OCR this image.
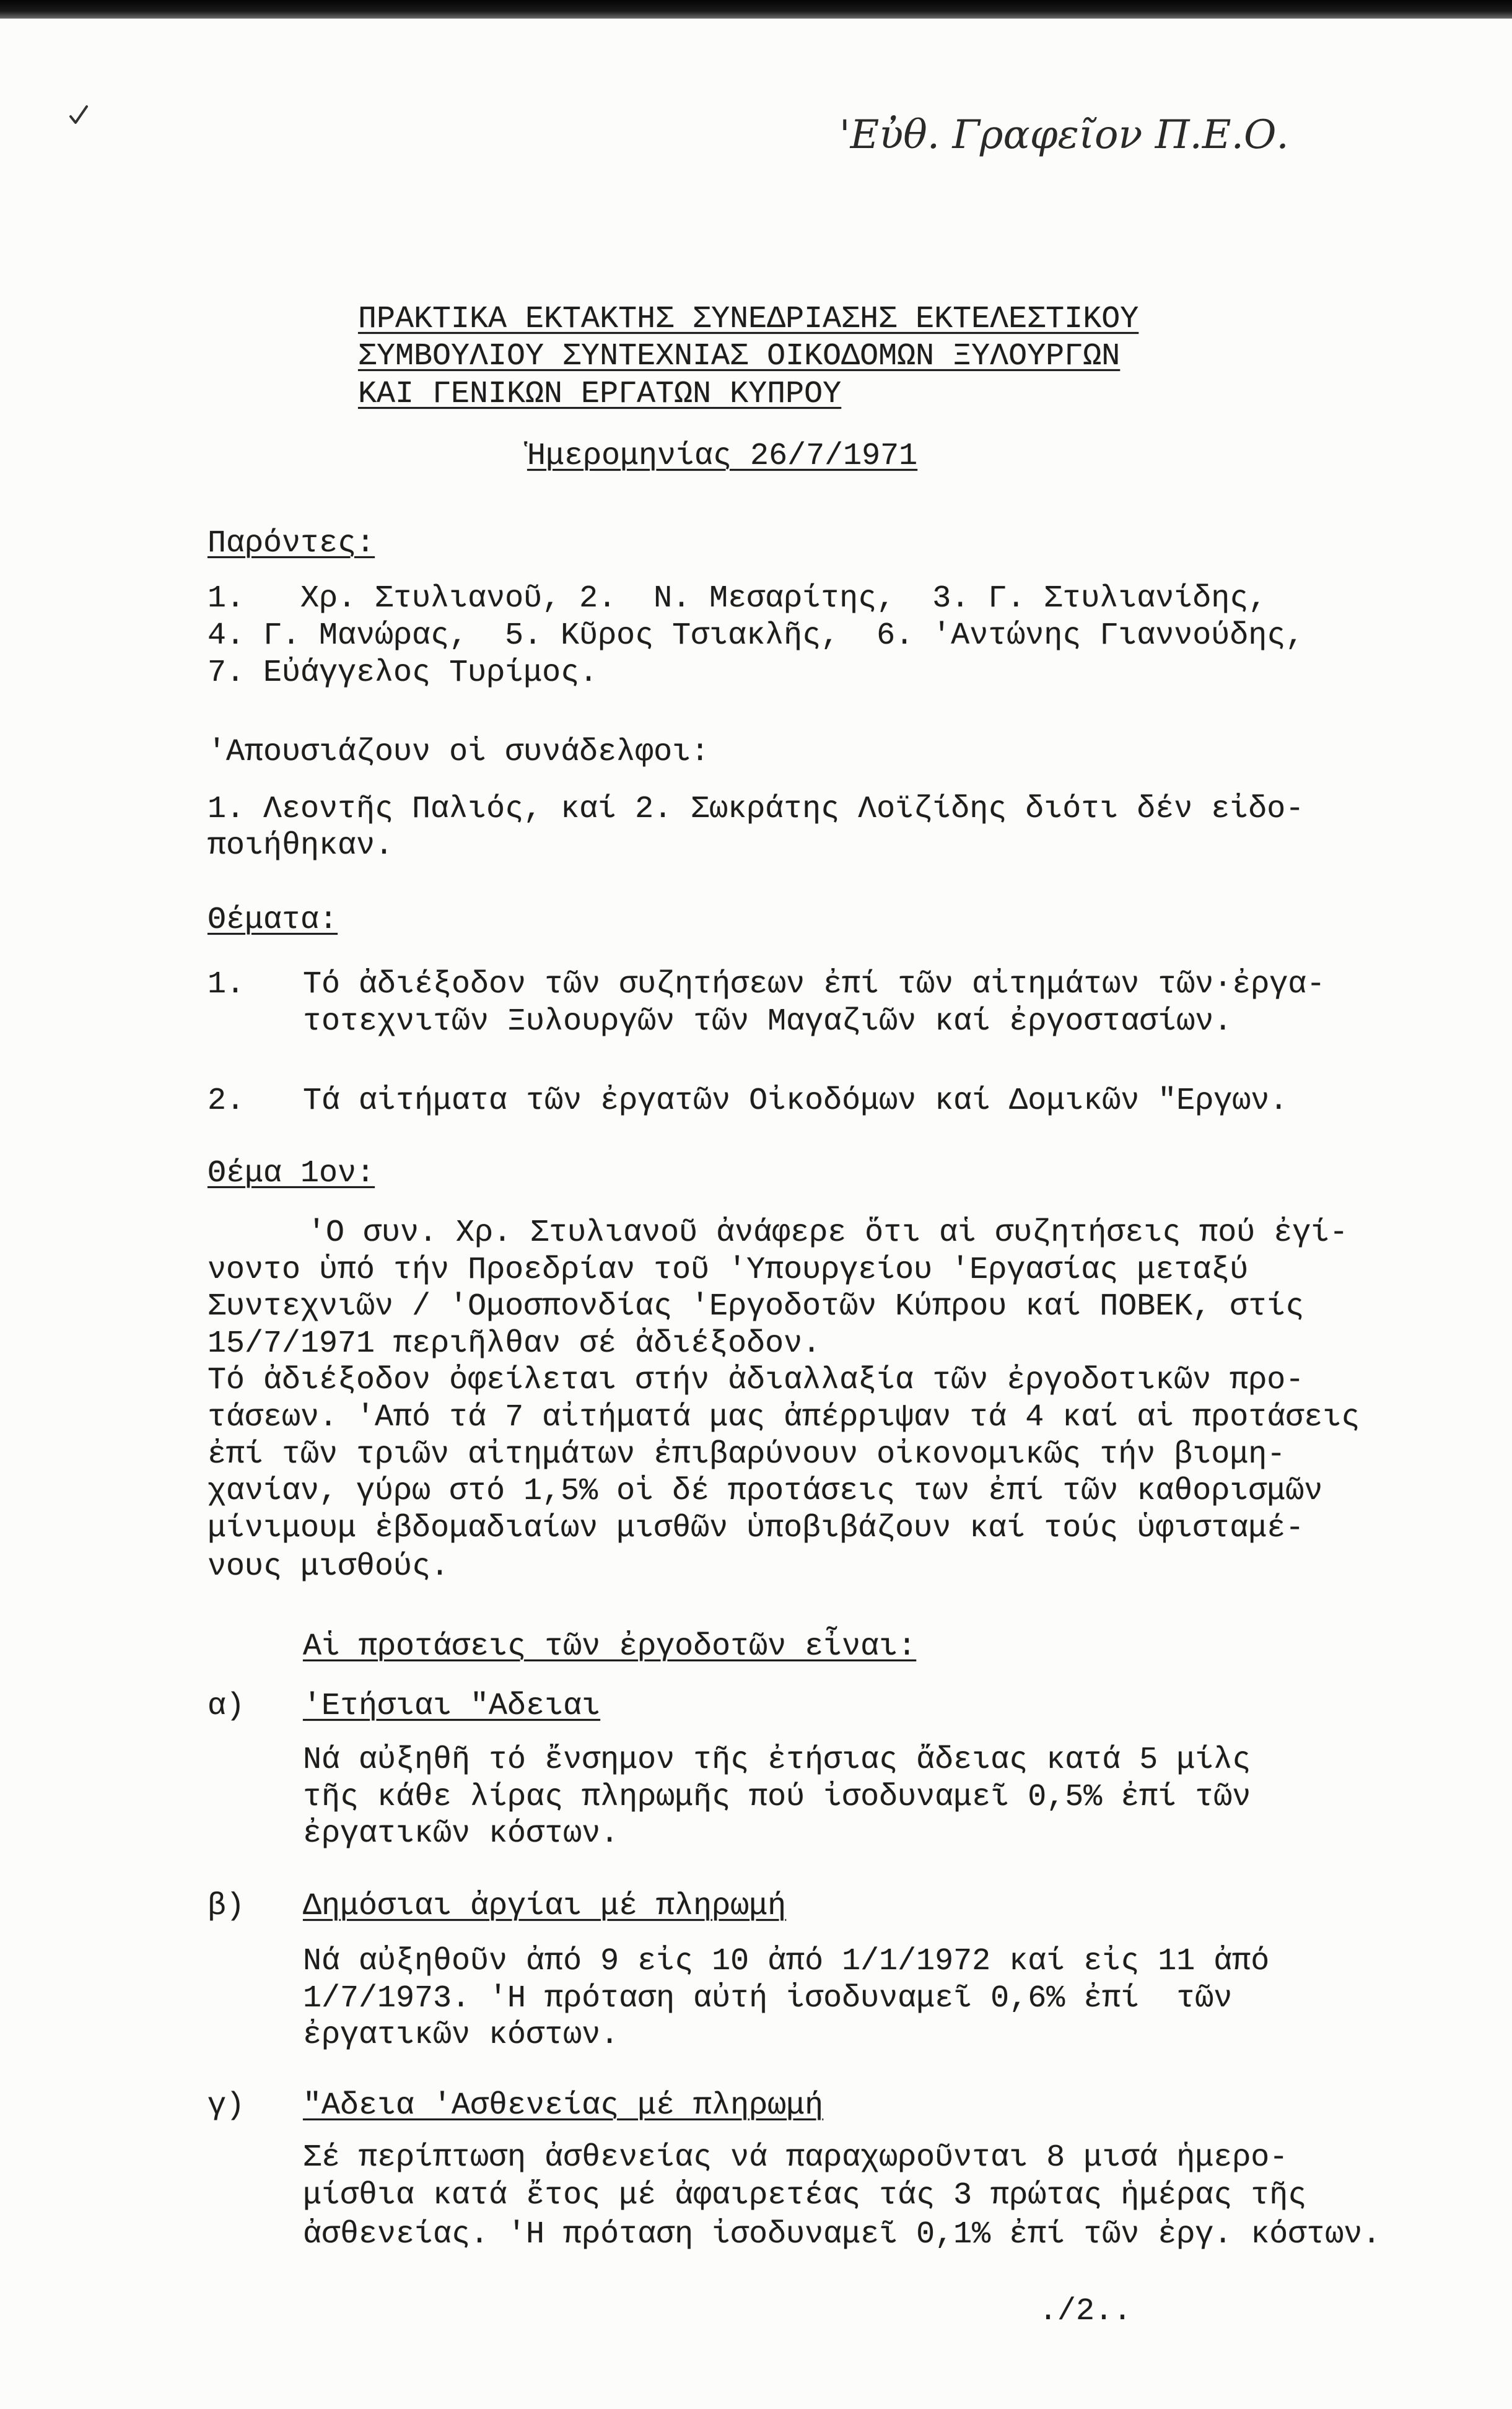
'Εὐθ. Γραφεῖον Π.Ε.Ο.
ΠΡΑΚΤΙΚΑ ΕΚΤΑΚΤΗΣ ΣΥΝΕΔΡΙΑΣΗΣ ΕΚΤΕΛΕΣΤΙΚΟΥ
ΣΥΜΒΟΥΛΙΟΥ ΣΥΝΤΕΧΝΙΑΣ ΟΙΚΟΔΟΜΩΝ ΞΥΛΟΥΡΓΩΝ
ΚΑΙ ΓΕΝΙΚΩΝ ΕΡΓΑΤΩΝ ΚΥΠΡΟΥ
Ἡμερομηνίας 26/7/1971
Παρόντες:
1.   Χρ. Στυλιανοῦ, 2.  Ν. Μεσαρίτης,  3. Γ. Στυλιανίδης,
4. Γ. Μανώρας,  5. Κῦρος Τσιακλῆς,  6. 'Αντώνης Γιαννούδης,
7. Εὐάγγελος Τυρίμος.
'Απουσιάζουν οἱ συνάδελφοι:
1. Λεοντῆς Παλιός, καί 2. Σωκράτης Λοϊζίδης διότι δέν εἰδο-
ποιήθηκαν.
Θέματα:
1. Τό ἀδιέξοδον τῶν συζητήσεων ἐπί τῶν αἰτημάτων τῶν·ἐργα-
τοτεχνιτῶν Ξυλουργῶν τῶν Μαγαζιῶν καί ἐργοστασίων.
2. Τά αἰτήματα τῶν ἐργατῶν Οἰκοδόμων καί Δομικῶν "Εργων.
Θέμα 1ον:
'Ο συν. Χρ. Στυλιανοῦ ἀνάφερε ὅτι αἱ συζητήσεις πού ἐγί-
νοντο ὑπό τήν Προεδρίαν τοῦ 'Υπουργείου 'Εργασίας μεταξύ
Συντεχνιῶν / 'Ομοσπονδίας 'Εργοδοτῶν Κύπρου καί ΠΟΒΕΚ, στίς
15/7/1971 περιῆλθαν σέ ἀδιέξοδον.
Τό ἀδιέξοδον ὀφείλεται στήν ἀδιαλλαξία τῶν ἐργοδοτικῶν προ-
τάσεων. 'Από τά 7 αἰτήματά μας ἀπέρριψαν τά 4 καί αἱ προτάσεις
ἐπί τῶν τριῶν αἰτημάτων ἐπιβαρύνουν οἰκονομικῶς τήν βιομη-
χανίαν, γύρω στό 1,5% οἱ δέ προτάσεις των ἐπί τῶν καθορισμῶν
μίνιμουμ ἑβδομαδιαίων μισθῶν ὑποβιβάζουν καί τούς ὑφισταμέ-
νους μισθούς.
Αἱ προτάσεις τῶν ἐργοδοτῶν εἶναι:
α) 'Ετήσιαι "Αδειαι
Νά αὐξηθῆ τό ἔνσημον τῆς ἐτήσιας ἄδειας κατά 5 μίλς
τῆς κάθε λίρας πληρωμῆς πού ἰσοδυναμεῖ 0,5% ἐπί τῶν
ἐργατικῶν κόστων.
β) Δημόσιαι ἀργίαι μέ πληρωμή
Νά αὐξηθοῦν ἀπό 9 εἰς 10 ἀπό 1/1/1972 καί εἰς 11 ἀπό
1/7/1973. 'Η πρόταση αὐτή ἰσοδυναμεῖ 0,6% ἐπί  τῶν
ἐργατικῶν κόστων.
γ) "Αδεια 'Ασθενείας μέ πληρωμή
Σέ περίπτωση ἀσθενείας νά παραχωροῦνται 8 μισά ἡμερο-
μίσθια κατά ἔτος μέ ἀφαιρετέας τάς 3 πρώτας ἡμέρας τῆς
ἀσθενείας. 'Η πρόταση ἰσοδυναμεῖ 0,1% ἐπί τῶν ἐργ. κόστων.
./2..
